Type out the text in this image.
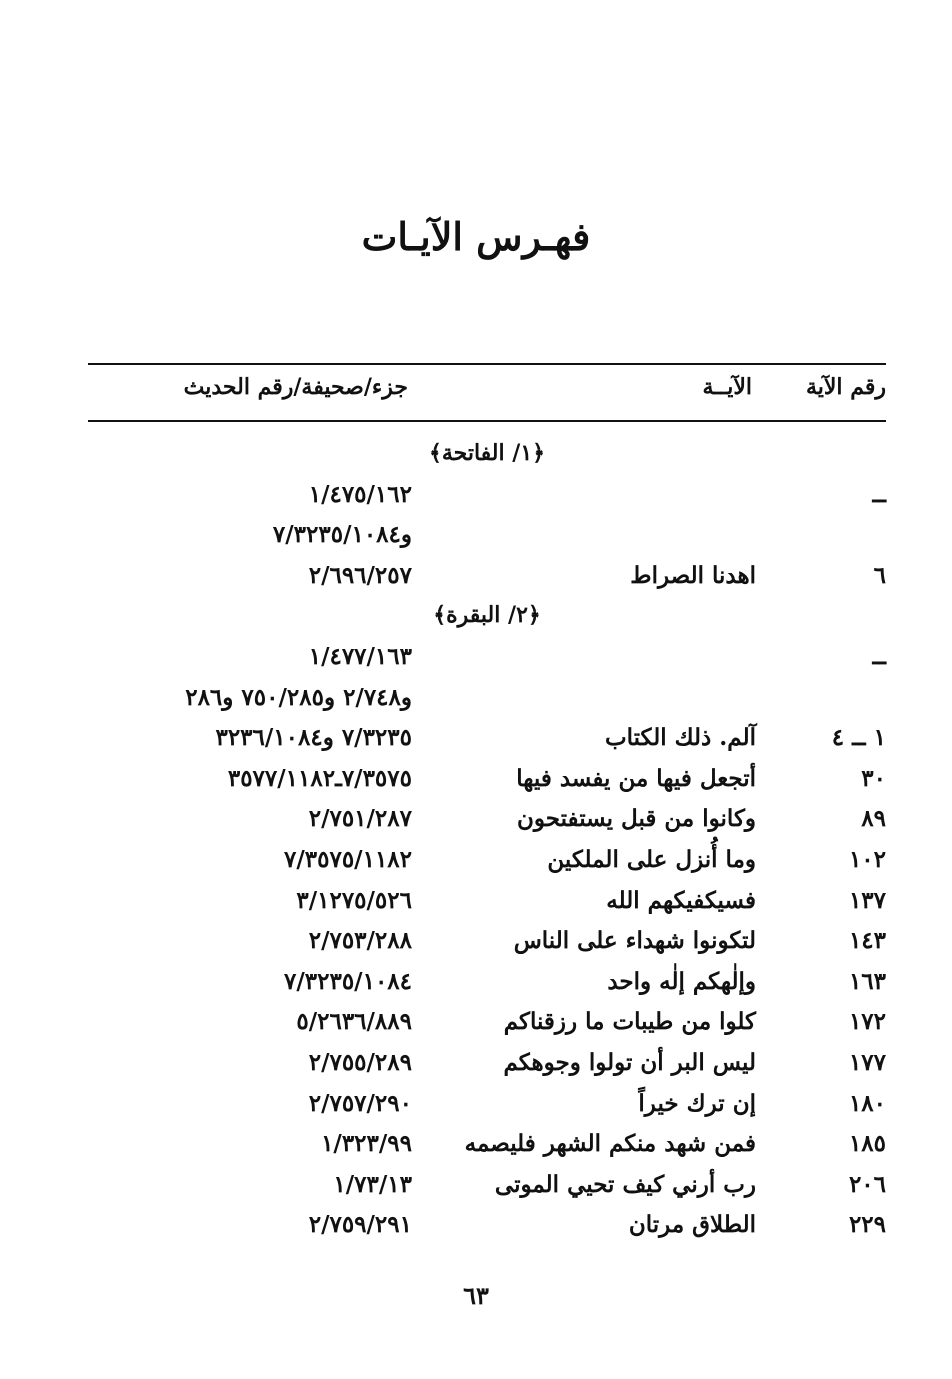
فهـرس الآيـات
رقم الآية
الآيــة
جزء/صحيفة/رقم الحديث
﴿١/ الفاتحة﴾
ــ
١/٤٧٥/١٦٢
و٧/٣٢٣٥/١٠٨٤
٦
اهدنا الصراط
٢/٦٩٦/٢٥٧
﴿٢/ البقرة﴾
ــ
١/٤٧٧/١٦٣
و٢/٧٤٨ و٧٥٠/٢٨٥ و٢٨٦
١ ــ ٤
آلم. ذلك الكتاب
٧/٣٢٣٥ و٣٢٣٦/١٠٨٤
٣٠
أتجعل فيها من يفسد فيها
٧/٣٥٧٥ـ٣٥٧٧/١١٨٢
٨٩
وكانوا من قبل يستفتحون
٢/٧٥١/٢٨٧
١٠٢
وما أُنزل على الملكين
٧/٣٥٧٥/١١٨٢
١٣٧
فسيكفيكهم الله
٣/١٢٧٥/٥٢٦
١٤٣
لتكونوا شهداء على الناس
٢/٧٥٣/٢٨٨
١٦٣
وإلٰهكم إلٰه واحد
٧/٣٢٣٥/١٠٨٤
١٧٢
كلوا من طيبات ما رزقناكم
٥/٢٦٣٦/٨٨٩
١٧٧
ليس البر أن تولوا وجوهكم
٢/٧٥٥/٢٨٩
١٨٠
إن ترك خيراً
٢/٧٥٧/٢٩٠
١٨٥
فمن شهد منكم الشهر فليصمه
١/٣٢٣/٩٩
٢٠٦
رب أرني كيف تحيي الموتى
١/٧٣/١٣
٢٢٩
الطلاق مرتان
٢/٧٥٩/٢٩١
٦٣
